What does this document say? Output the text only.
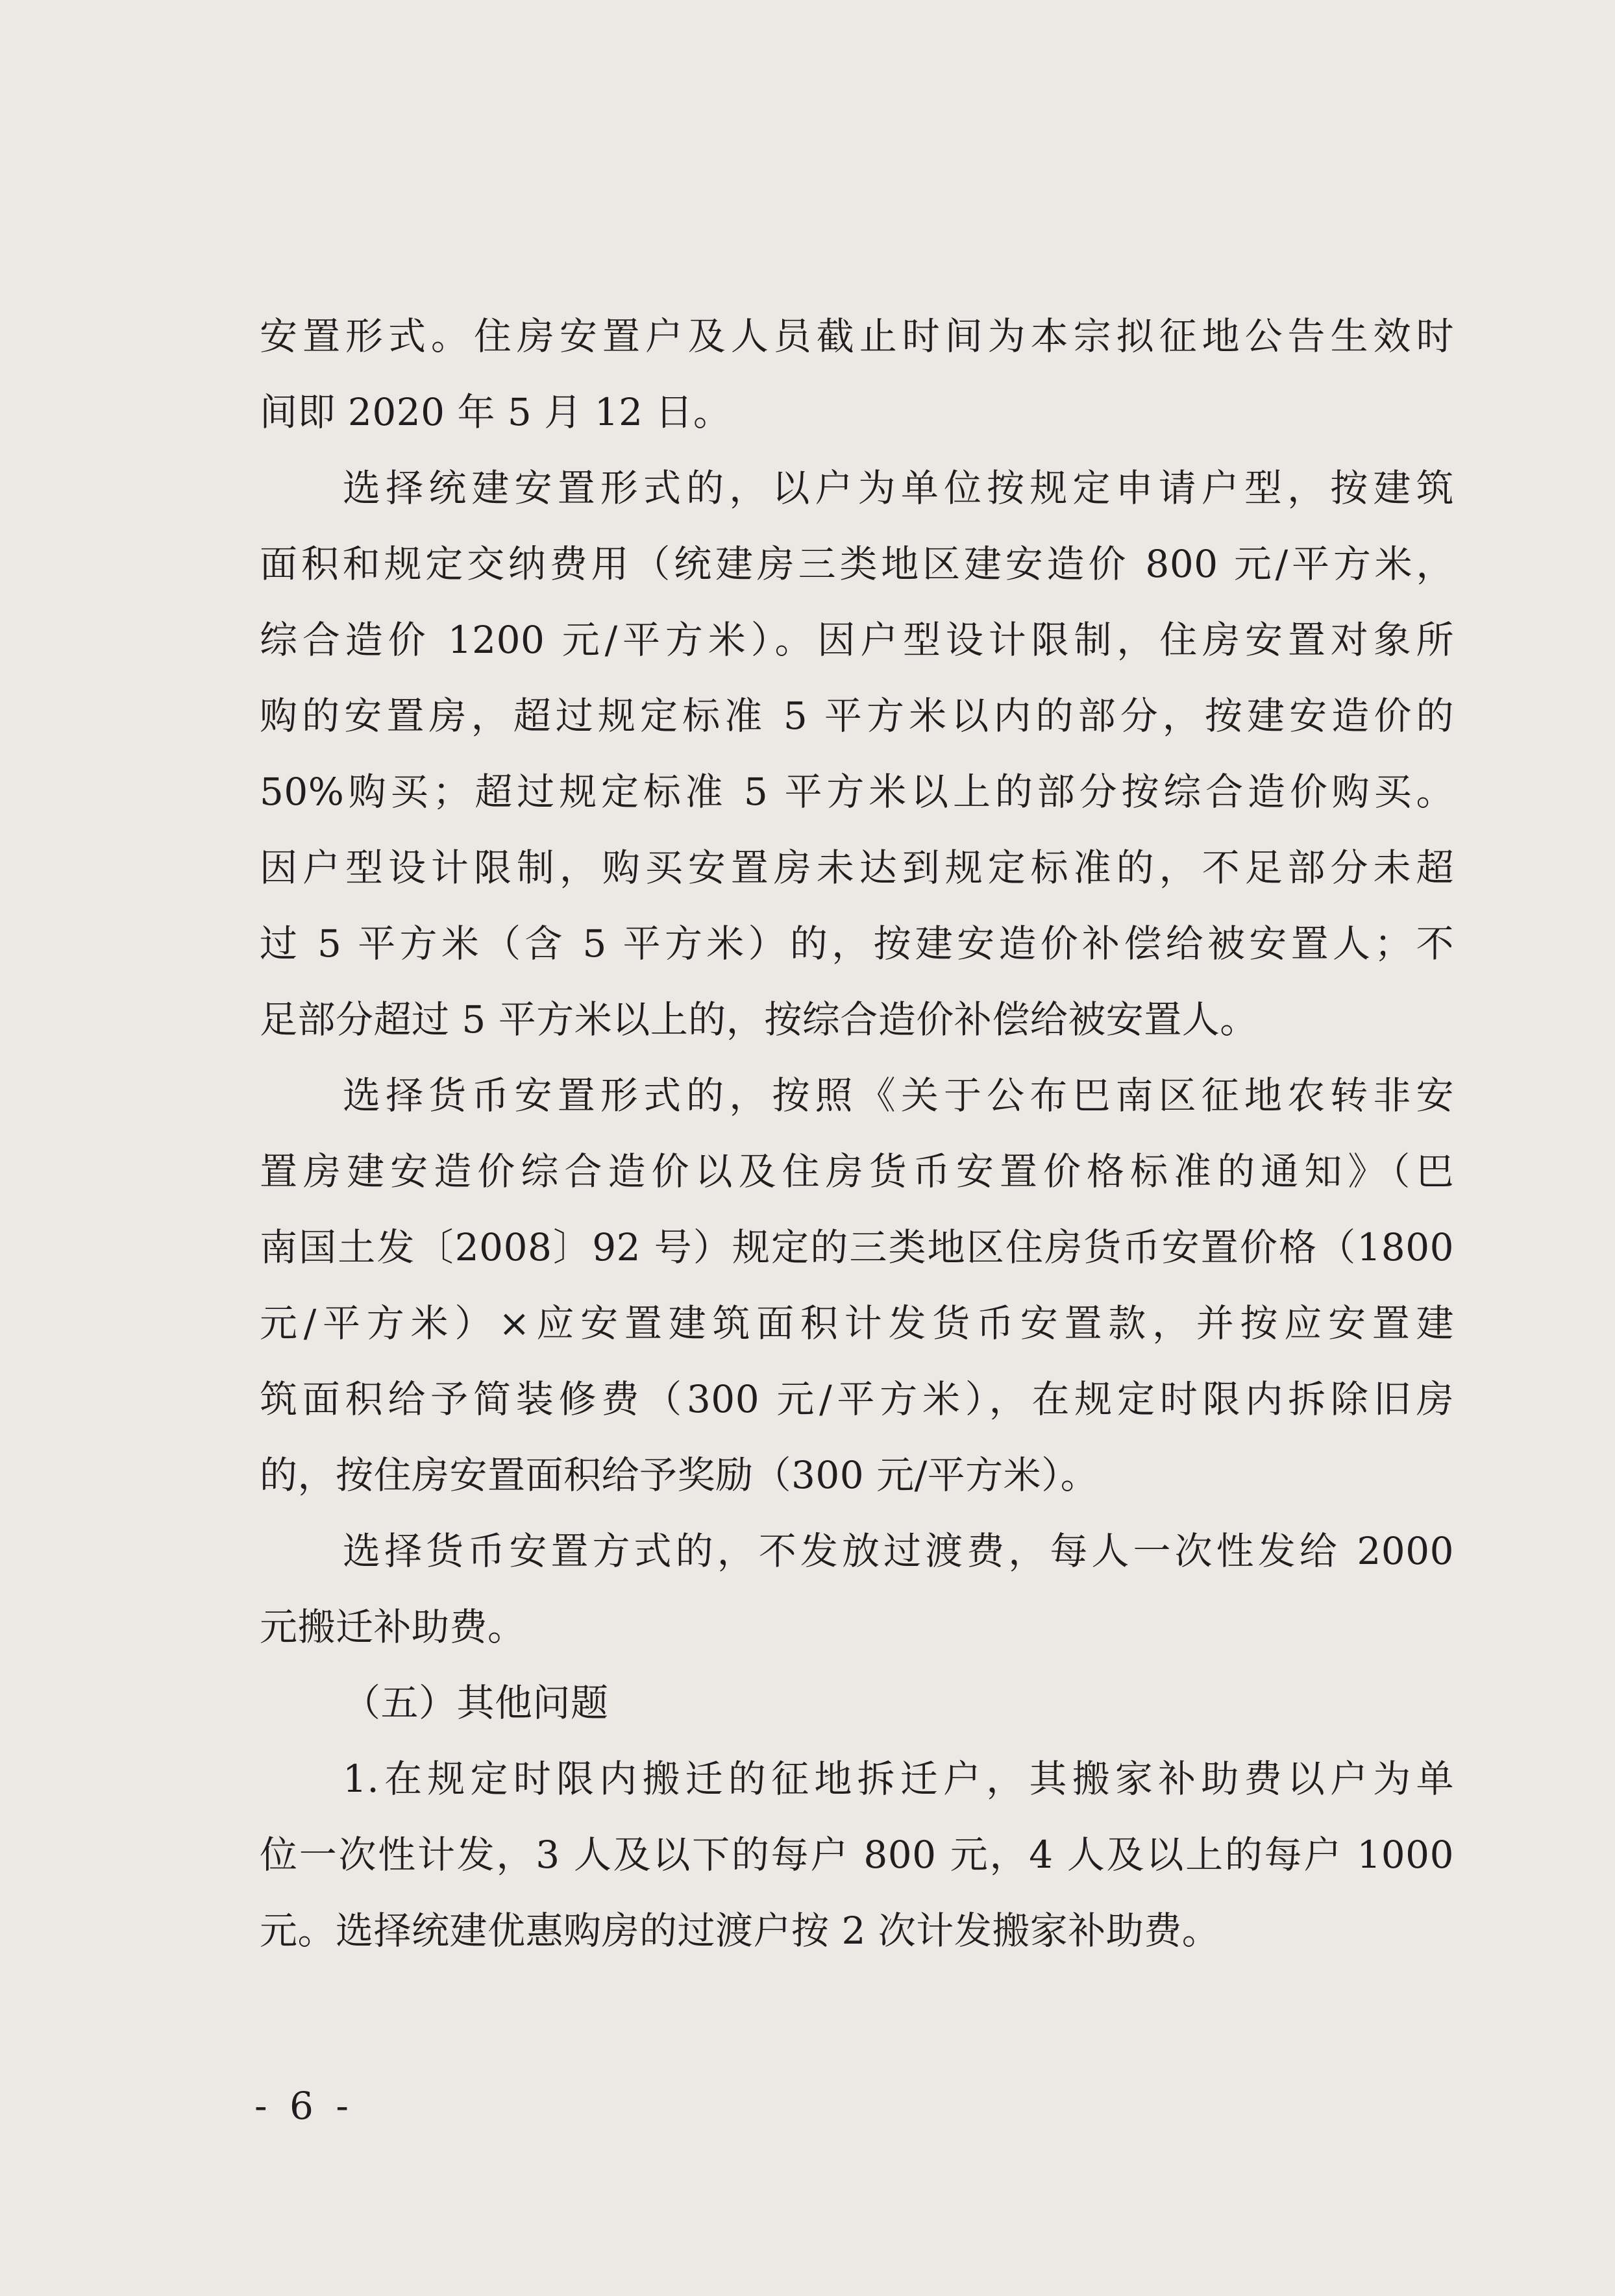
安置形式。住房安置户及人员截止时间为本宗拟征地公告生效时
间即 2020 年 5 月 12 日。
选择统建安置形式的，以户为单位按规定申请户型，按建筑
面积和规定交纳费用（统建房三类地区建安造价 800 元/平方米，
综合造价 1200 元/平方米）。因户型设计限制，住房安置对象所
购的安置房，超过规定标准 5 平方米以内的部分，按建安造价的
50%购买；超过规定标准 5 平方米以上的部分按综合造价购买。
因户型设计限制，购买安置房未达到规定标准的，不足部分未超
过 5 平方米（含 5 平方米）的，按建安造价补偿给被安置人；不
足部分超过 5 平方米以上的，按综合造价补偿给被安置人。
选择货币安置形式的，按照《关于公布巴南区征地农转非安
置房建安造价综合造价以及住房货币安置价格标准的通知》（巴
南国土发〔2008〕92 号）规定的三类地区住房货币安置价格（1800
元/平方米）×应安置建筑面积计发货币安置款，并按应安置建
筑面积给予简装修费（300 元/平方米），在规定时限内拆除旧房
的，按住房安置面积给予奖励（300 元/平方米）。
选择货币安置方式的，不发放过渡费，每人一次性发给 2000
元搬迁补助费。
（五）其他问题
1.在规定时限内搬迁的征地拆迁户，其搬家补助费以户为单
位一次性计发，3 人及以下的每户 800 元，4 人及以上的每户 1000
元。选择统建优惠购房的过渡户按 2 次计发搬家补助费。
- 6 -
